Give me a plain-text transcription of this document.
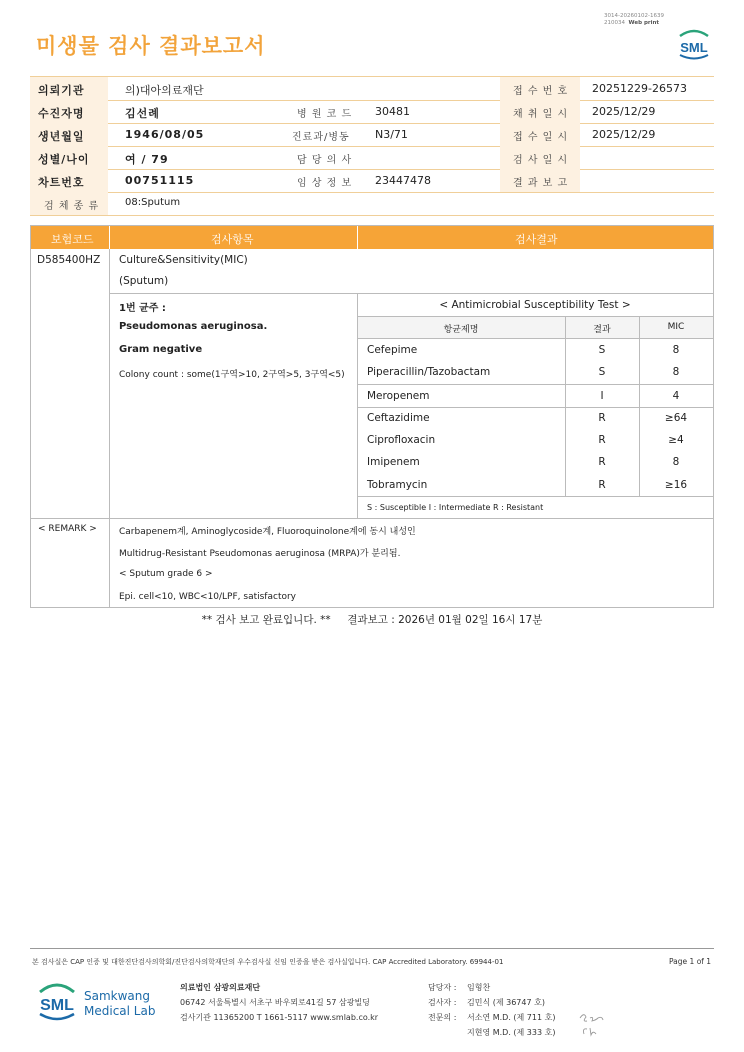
미생물 검사 결과보고서
3014-20260102-1639
210034 Web print
SML
의뢰기관	의)대아의료재단	접 수 번 호 20251229-26573
수진자명	김선례	병 원 코 드 30481	채 취 일 시 2025/12/29
생년월일	1946/08/05	진료과/병동 N3/71	접 수 일 시 2025/12/29
성별/나이	여 / 79	담 당 의 사	검 사 일 시
차트번호	00751115	임 상 정 보 23447478	결 과 보 고
검 체 종 류	08:Sputum
보험코드	검사항목	검사결과
D585400HZ Culture&Sensitivity(MIC)
(Sputum)
1번 균주 :
Pseudomonas aeruginosa.
Gram negative
Colony count : some(1구역>10, 2구역>5, 3구역<5)
< Antimicrobial Susceptibility Test >
항균제명	결과	MIC
Cefepime	S	8
Piperacillin/Tazobactam	S	8
Meropenem	I	4
Ceftazidime	R	≥64
Ciprofloxacin	R	≥4
Imipenem	R	8
Tobramycin	R	≥16
S : Susceptible I : Intermediate R : Resistant
< REMARK > Carbapenem계, Aminoglycoside계, Fluoroquinolone계에 동시 내성인
Multidrug-Resistant Pseudomonas aeruginosa (MRPA)가 분리됨.
< Sputum grade 6 >
Epi. cell<10, WBC<10/LPF, satisfactory
** 검사 보고 완료입니다. **     결과보고 : 2026년 01월 02일 16시 17분
본 검사실은 CAP 인증 및 대한진단검사의학회/진단검사의학재단의 우수검사실 신임 인증을 받은 검사실입니다. CAP Accredited Laboratory. 69944-01	Page 1 of 1
SML
Samkwang
Medical Lab
의료법인 삼광의료재단
06742 서울특별시 서초구 바우뫼로41길 57 삼광빌딩
검사기관 11365200 T 1661-5117 www.smlab.co.kr
담당자 : 임형찬
검사자 : 김민식 (제 36747 호)
전문의 : 서소연 M.D. (제 711 호)
지현영 M.D. (제 333 호)
